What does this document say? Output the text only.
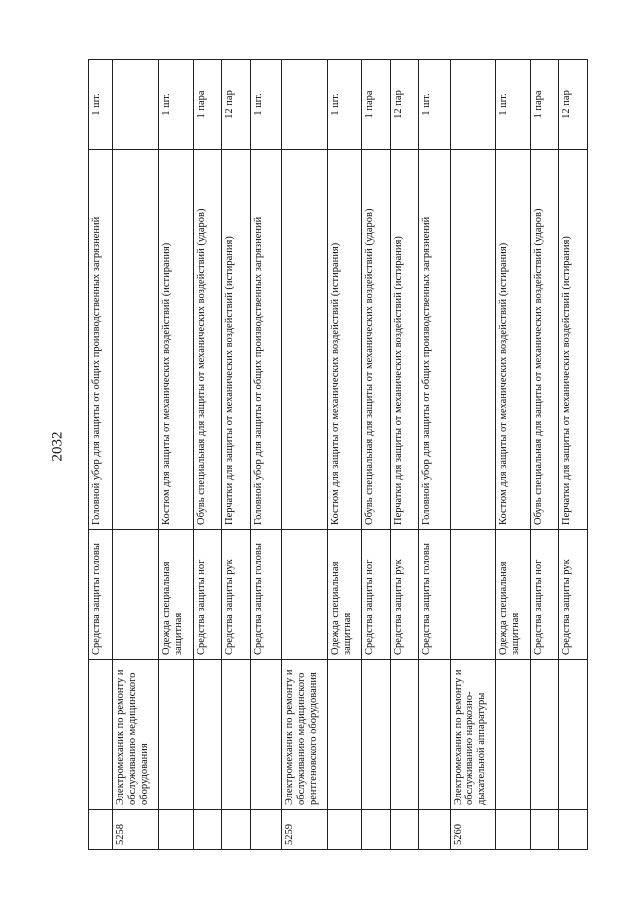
2032
		Средства защиты головы	Головной убор для защиты от общих производственных загрязнений	1 шт.
5258	Электромеханик по ремонту и обслуживанию медицинского оборудования			
		Одежда специальная защитная	Костюм для защиты от механических воздействий (истирания)	1 шт.
		Средства защиты ног	Обувь специальная для защиты от механических воздействий (ударов)	1 пара
		Средства защиты рук	Перчатки для защиты от механических воздействий (истирания)	12 пар
		Средства защиты головы	Головной убор для защиты от общих производственных загрязнений	1 шт.
5259	Электромеханик по ремонту и обслуживанию медицинского рентгеновского оборудования			
		Одежда специальная защитная	Костюм для защиты от механических воздействий (истирания)	1 шт.
		Средства защиты ног	Обувь специальная для защиты от механических воздействий (ударов)	1 пара
		Средства защиты рук	Перчатки для защиты от механических воздействий (истирания)	12 пар
		Средства защиты головы	Головной убор для защиты от общих производственных загрязнений	1 шт.
5260	Электромеханик по ремонту и обслуживанию наркозно-дыхательной аппаратуры			
		Одежда специальная защитная	Костюм для защиты от механических воздействий (истирания)	1 шт.
		Средства защиты ног	Обувь специальная для защиты от механических воздействий (ударов)	1 пара
		Средства защиты рук	Перчатки для защиты от механических воздействий (истирания)	12 пар
